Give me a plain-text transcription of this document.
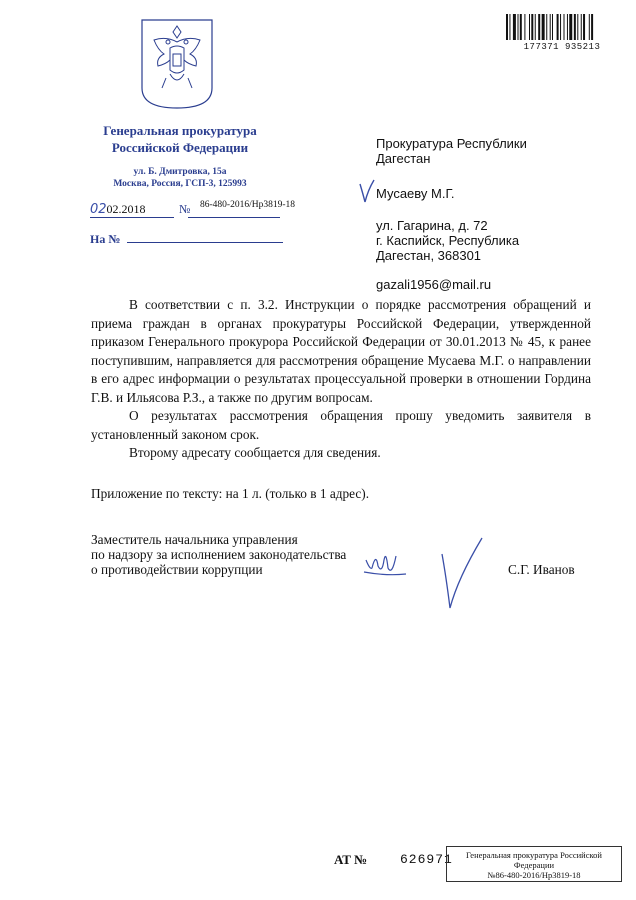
177371 935213
Генеральная прокуратура
Российской Федерации
ул. Б. Дмитровка, 15а
Москва, Россия, ГСП-3, 125993
0202.2018	№ 86-480-2016/Нр3819-18
На №
Прокуратура Республики
Дагестан
Мусаеву М.Г.
ул. Гагарина, д. 72
г. Каспийск, Республика
Дагестан, 368301
gazali1956@mail.ru

В соответствии с п. 3.2. Инструкции о порядке рассмотрения обращений и приема граждан в органах прокуратуры Российской Федерации, утвержденной приказом Генерального прокурора Российской Федерации от 30.01.2013 № 45, к ранее поступившим, направляется для рассмотрения обращение Мусаева М.Г. о направлении в его адрес информации о результатах процессуальной проверки в отношении Гордина Г.В. и Ильясова Р.З., а также по другим вопросам.

О результатах рассмотрения обращения прошу уведомить заявителя в установленный законом срок.

Второму адресату сообщается для сведения.

Приложение по тексту: на 1 л. (только в 1 адрес).
Заместитель начальника управления
по надзору за исполнением законодательства
о противодействии коррупции	С.Г. Иванов
АТ №	626971	Генеральная прокуратура Российской
Федерации
№86-480-2016/Нр3819-18
